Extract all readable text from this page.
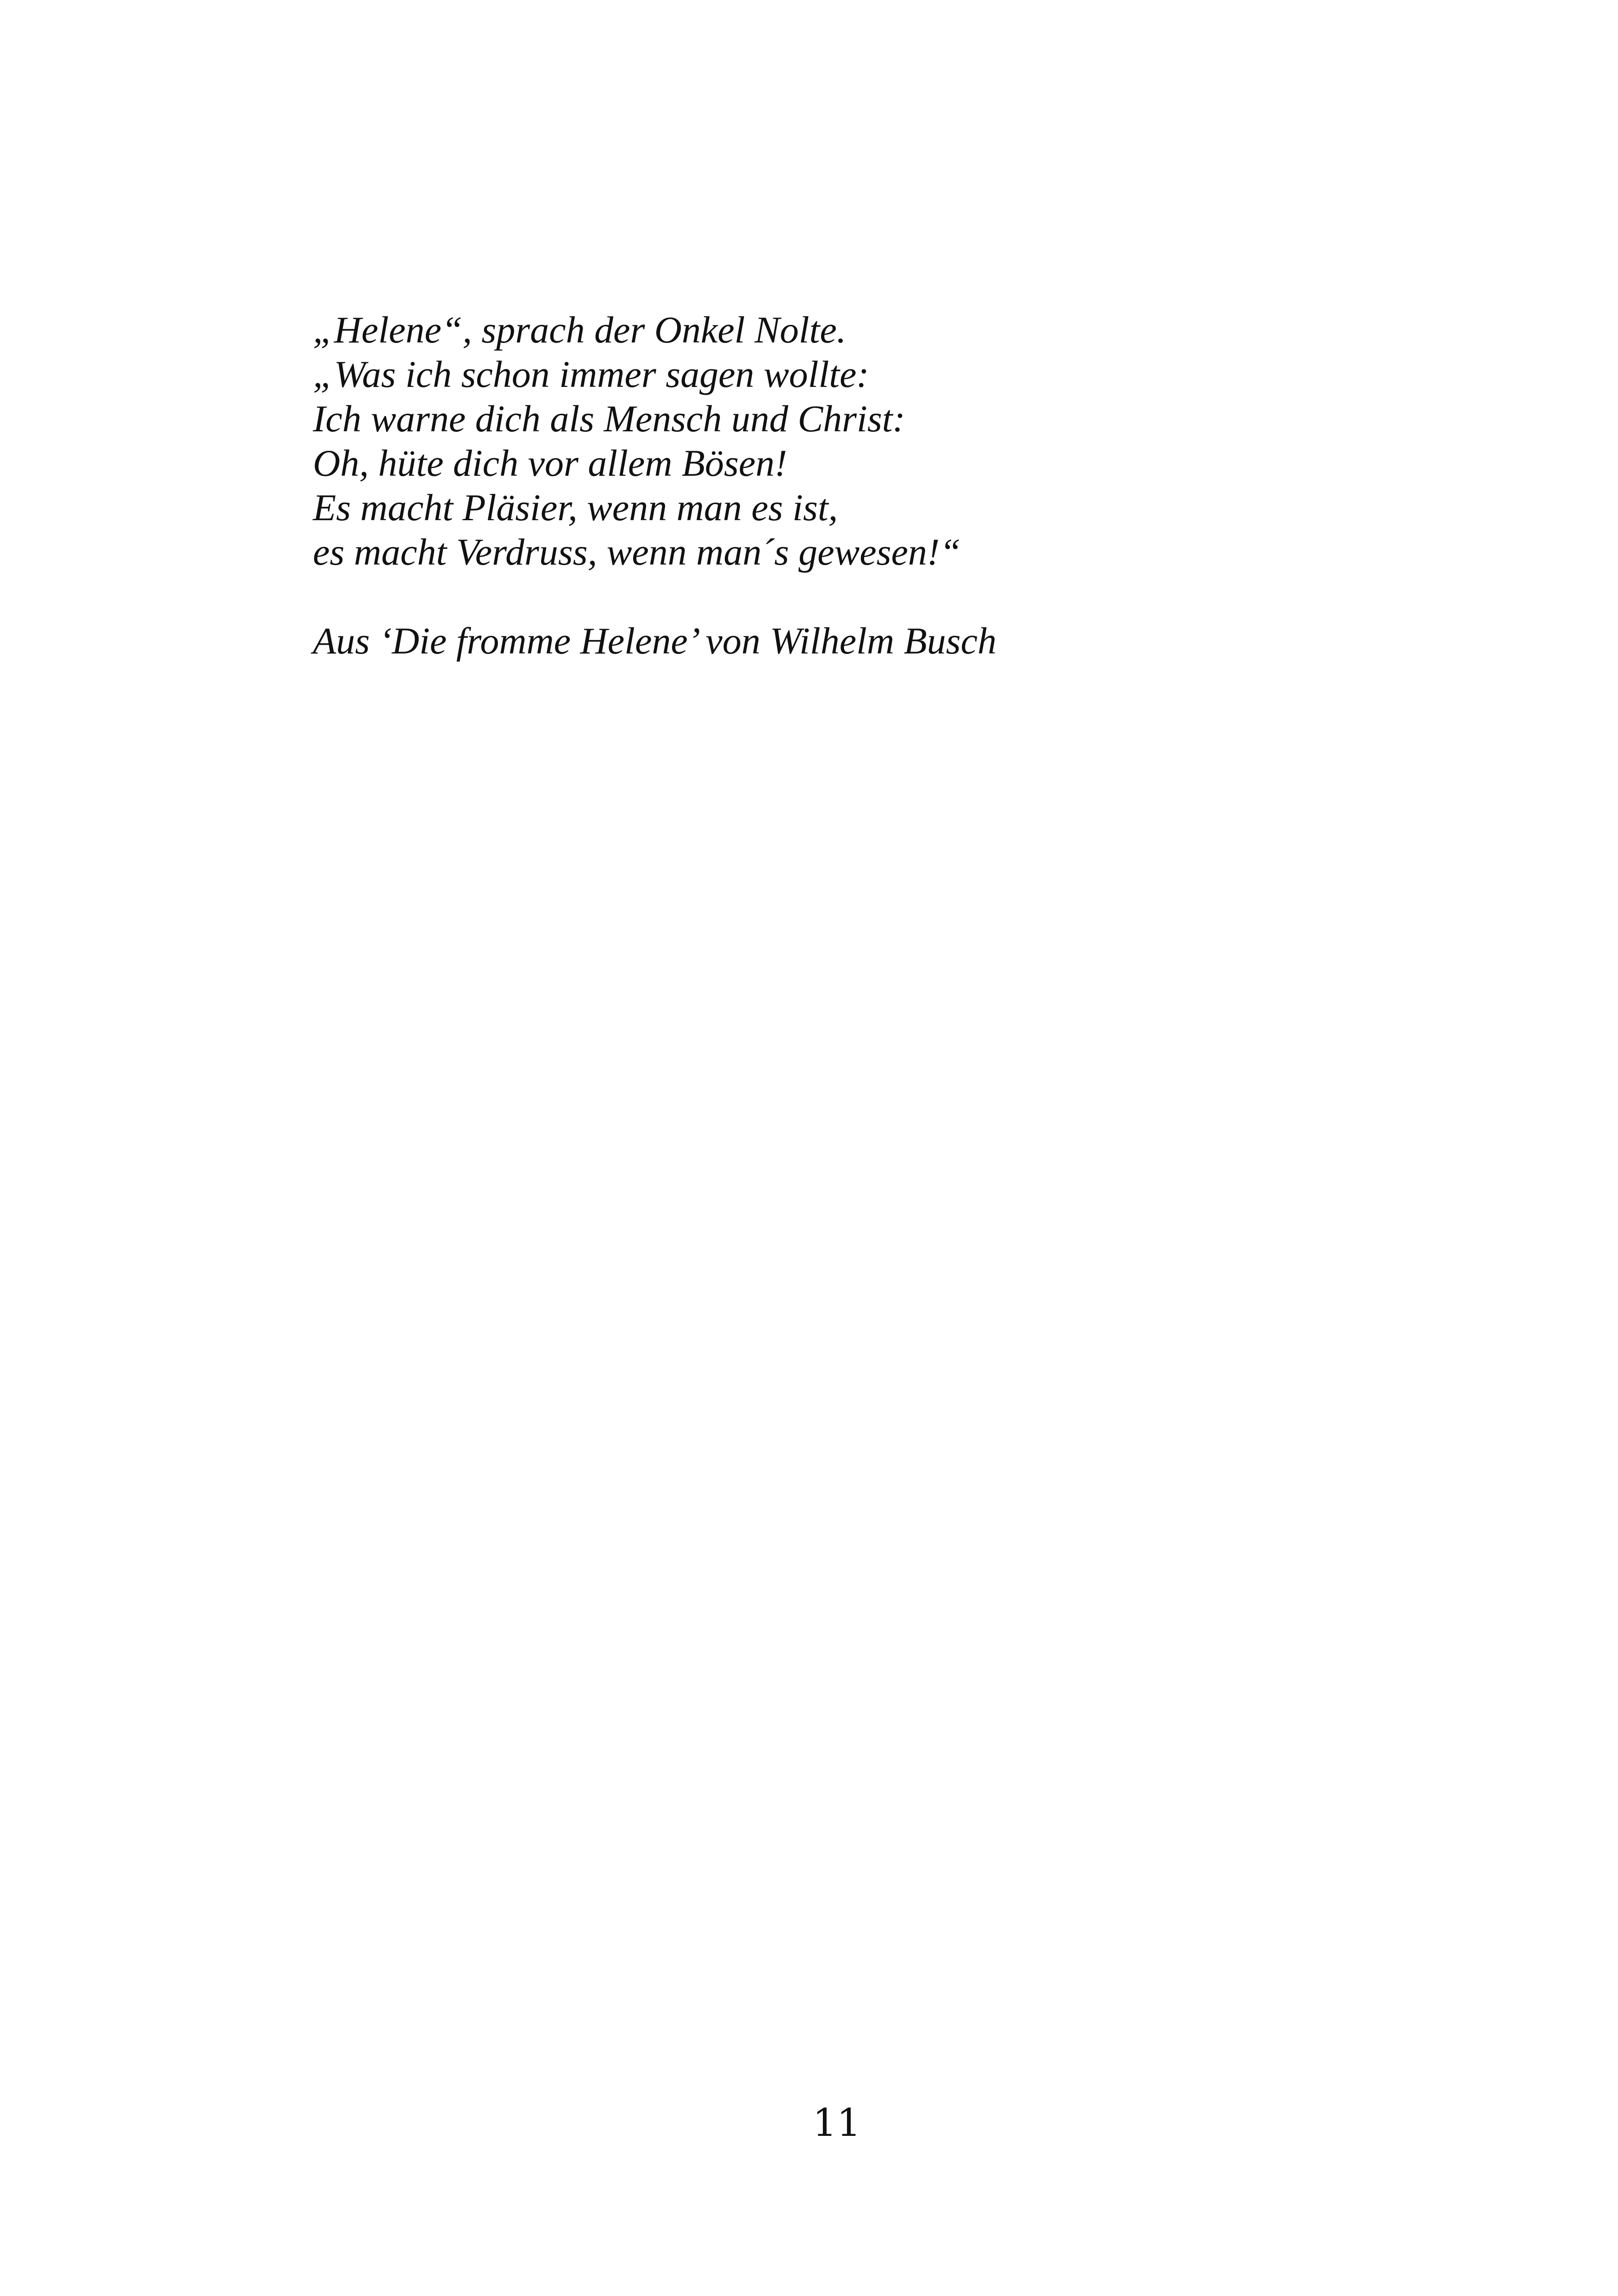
„Helene“, sprach der Onkel Nolte.

„Was ich schon immer sagen wollte:

Ich warne dich als Mensch und Christ:

Oh, hüte dich vor allem Bösen!

Es macht Pläsier, wenn man es ist,

es macht Verdruss, wenn man´s gewesen!“

Aus ‘Die fromme Helene’ von Wilhelm Busch
11
